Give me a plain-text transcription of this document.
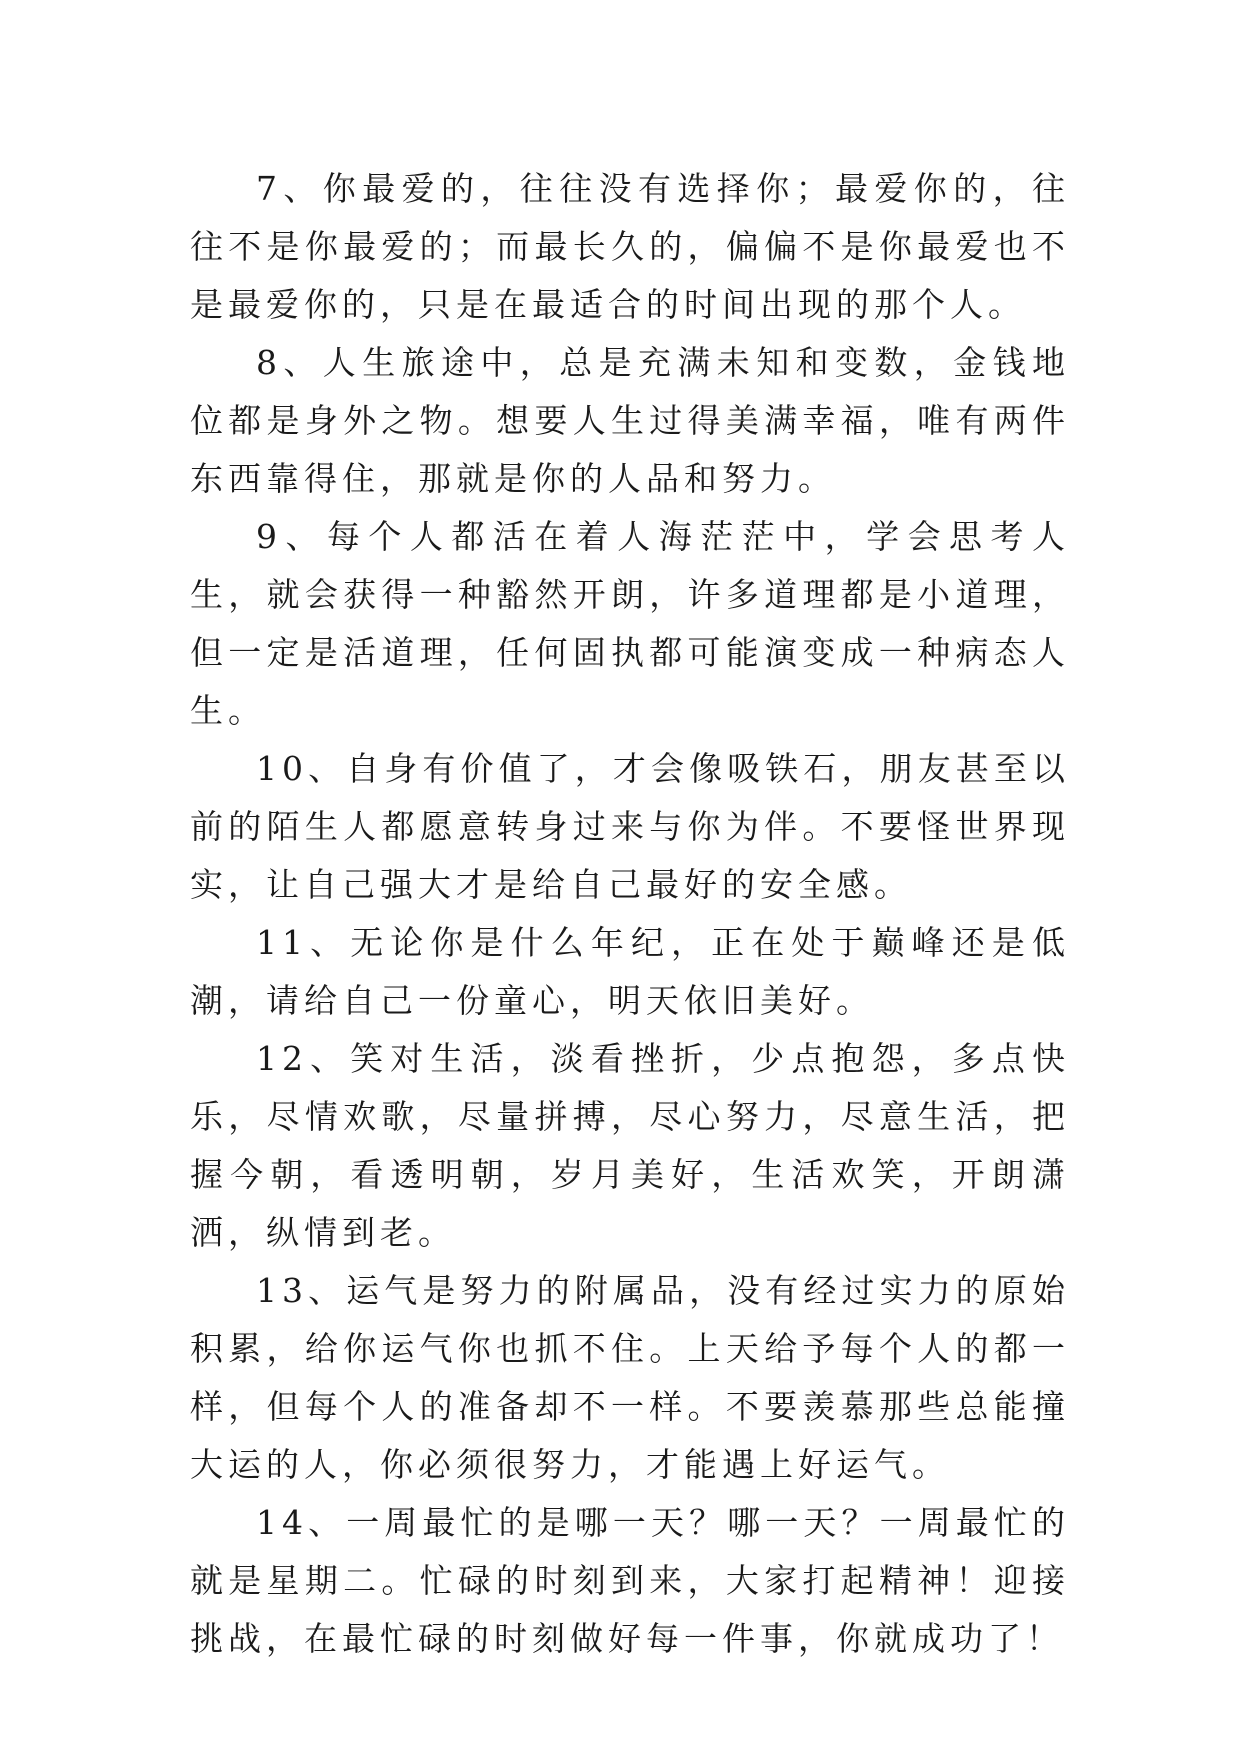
7、你最爱的，往往没有选择你；最爱你的，往往不是你最爱的；而最长久的，偏偏不是你最爱也不是最爱你的，只是在最适合的时间出现的那个人。

8、人生旅途中，总是充满未知和变数，金钱地位都是身外之物。想要人生过得美满幸福，唯有两件东西靠得住，那就是你的人品和努力。

9、每个人都活在着人海茫茫中，学会思考人生，就会获得一种豁然开朗，许多道理都是小道理，但一定是活道理，任何固执都可能演变成一种病态人生。

10、自身有价值了，才会像吸铁石，朋友甚至以前的陌生人都愿意转身过来与你为伴。不要怪世界现实，让自己强大才是给自己最好的安全感。

11、无论你是什么年纪，正在处于巅峰还是低潮，请给自己一份童心，明天依旧美好。

12、笑对生活，淡看挫折，少点抱怨，多点快乐，尽情欢歌，尽量拼搏，尽心努力，尽意生活，把握今朝，看透明朝，岁月美好，生活欢笑，开朗潇洒，纵情到老。

13、运气是努力的附属品，没有经过实力的原始积累，给你运气你也抓不住。上天给予每个人的都一样，但每个人的准备却不一样。不要羡慕那些总能撞大运的人，你必须很努力，才能遇上好运气。

14、一周最忙的是哪一天？哪一天？一周最忙的就是星期二。忙碌的时刻到来，大家打起精神！迎接挑战，在最忙碌的时刻做好每一件事，你就成功了！
